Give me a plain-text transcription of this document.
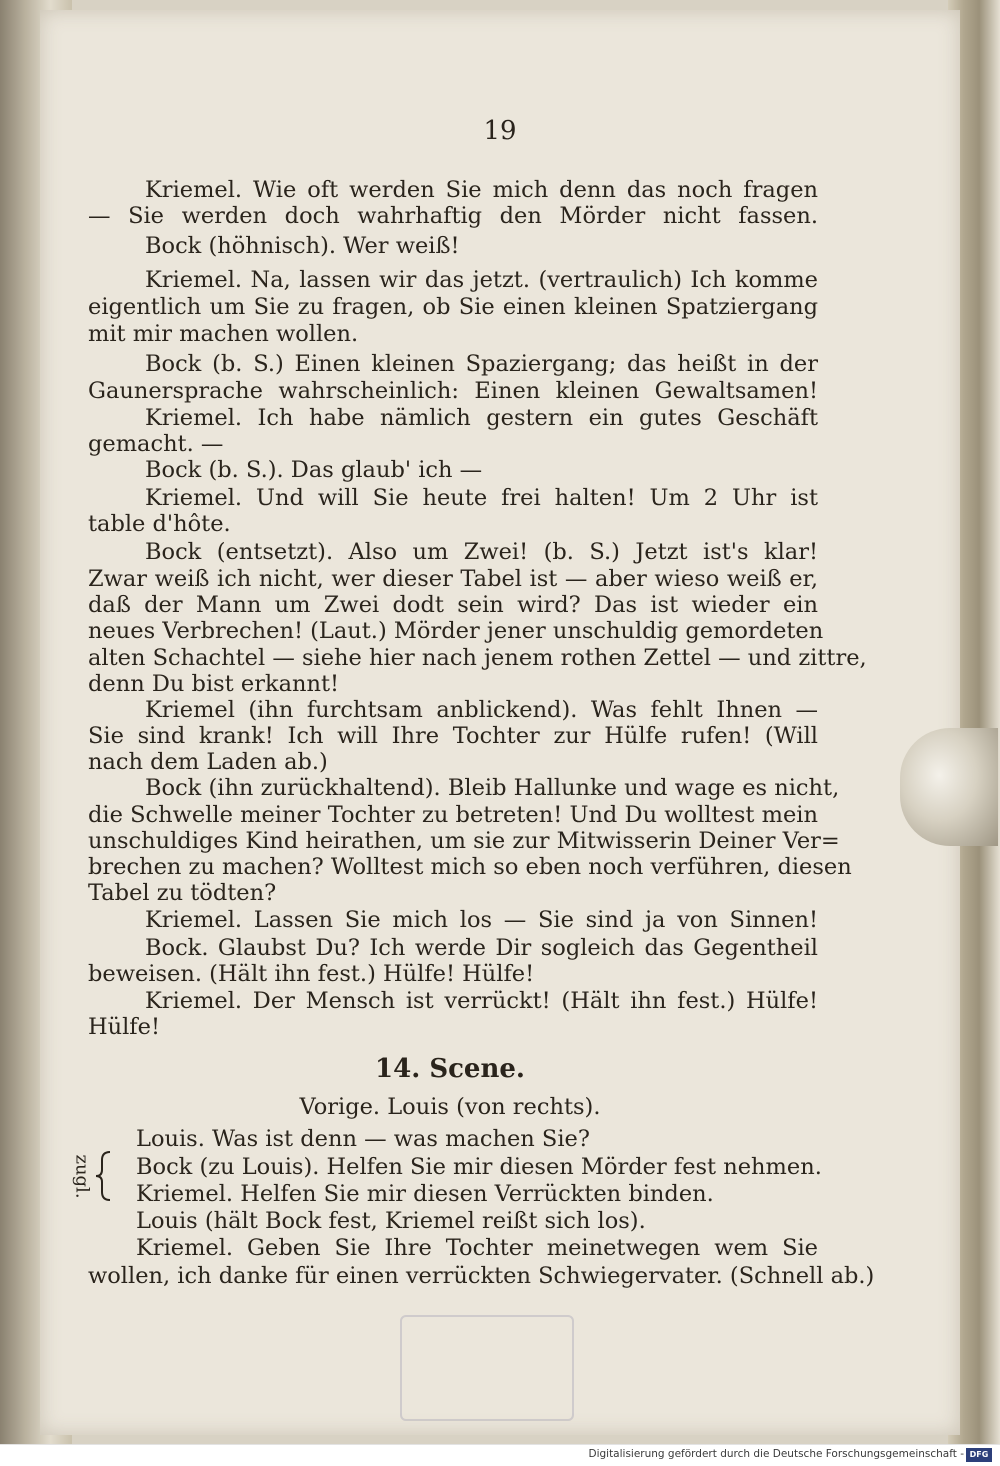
19
Kriemel. Wie oft werden Sie mich denn das noch fragen
— Sie werden doch wahrhaftig den Mörder nicht fassen.
Bock (höhnisch). Wer weiß!
Kriemel. Na, lassen wir das jetzt. (vertraulich) Ich komme
eigentlich um Sie zu fragen, ob Sie einen kleinen Spatziergang
mit mir machen wollen.
Bock (b. S.) Einen kleinen Spaziergang; das heißt in der
Gaunersprache wahrscheinlich: Einen kleinen Gewaltsamen!
Kriemel. Ich habe nämlich gestern ein gutes Geschäft
gemacht. —
Bock (b. S.). Das glaub' ich —
Kriemel. Und will Sie heute frei halten! Um 2 Uhr ist
table d'hôte.
Bock (entsetzt). Also um Zwei! (b. S.) Jetzt ist's klar!
Zwar weiß ich nicht, wer dieser Tabel ist — aber wieso weiß er,
daß der Mann um Zwei dodt sein wird? Das ist wieder ein
neues Verbrechen! (Laut.) Mörder jener unschuldig gemordeten
alten Schachtel — siehe hier nach jenem rothen Zettel — und zittre,
denn Du bist erkannt!
Kriemel (ihn furchtsam anblickend). Was fehlt Ihnen —
Sie sind krank! Ich will Ihre Tochter zur Hülfe rufen! (Will
nach dem Laden ab.)
Bock (ihn zurückhaltend). Bleib Hallunke und wage es nicht,
die Schwelle meiner Tochter zu betreten! Und Du wolltest mein
unschuldiges Kind heirathen, um sie zur Mitwisserin Deiner Ver=
brechen zu machen? Wolltest mich so eben noch verführen, diesen
Tabel zu tödten?
Kriemel. Lassen Sie mich los — Sie sind ja von Sinnen!
Bock. Glaubst Du? Ich werde Dir sogleich das Gegentheil
beweisen. (Hält ihn fest.) Hülfe! Hülfe!
Kriemel. Der Mensch ist verrückt! (Hält ihn fest.) Hülfe!
Hülfe!
14. Scene.
Vorige. Louis (von rechts).
Louis. Was ist denn — was machen Sie?
Bock (zu Louis). Helfen Sie mir diesen Mörder fest nehmen.
Kriemel. Helfen Sie mir diesen Verrückten binden.
Louis (hält Bock fest, Kriemel reißt sich los).
Kriemel. Geben Sie Ihre Tochter meinetwegen wem Sie
wollen, ich danke für einen verrückten Schwiegervater. (Schnell ab.)
zugl.
Digitalisierung gefördert durch die Deutsche Forschungsgemeinschaft - DFG
